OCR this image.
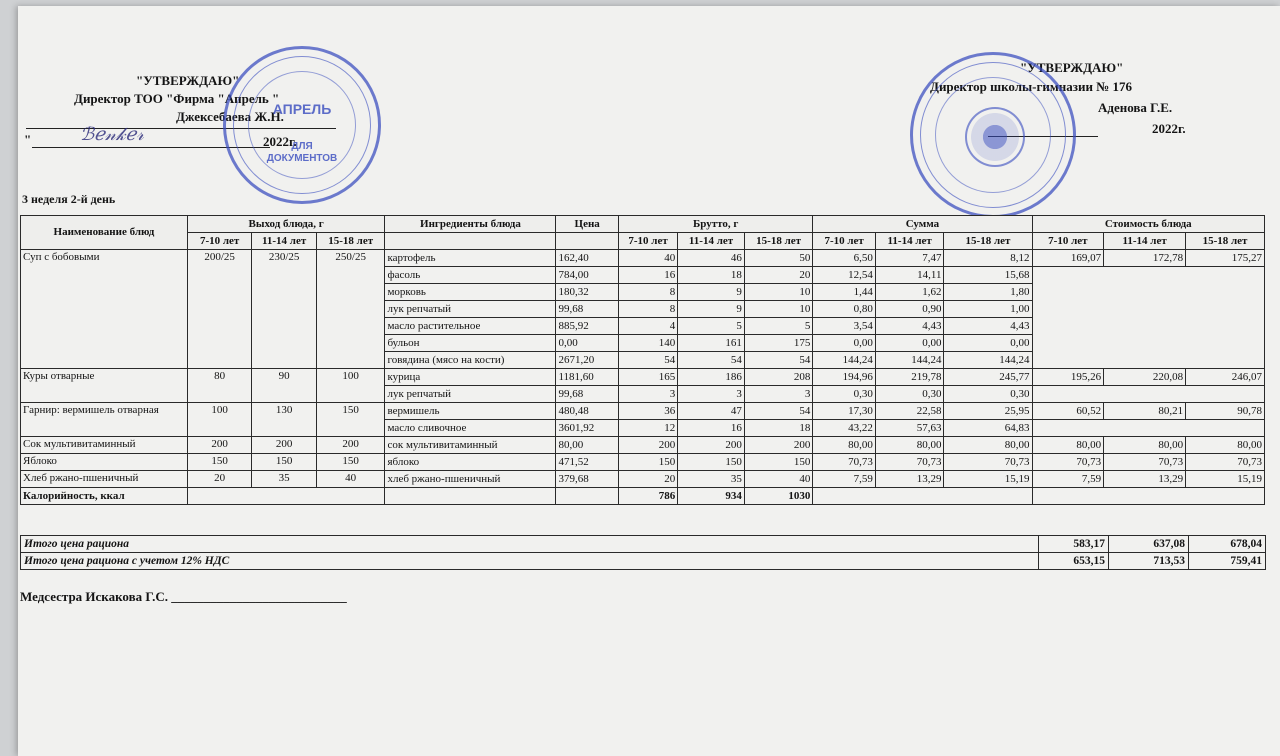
"УТВЕРЖДАЮ"
Директор ТОО "Фирма "Апрель "
Джексебаева Ж.Н.
"	2022г.
ℬℯ𝓃𝓀ℯ𝓇
АПРЕЛЬ
ДЛЯ
ДОКУМЕНТОВ
"УТВЕРЖДАЮ"
Директор школы-гимназии № 176
Аденова Г.Е.
2022г.
3 неделя 2-й день
Наименование блюд	Выход блюда, г			Ингредиенты блюда	Цена	Брутто, г			Сумма			Стоимость блюда		
	7-10 лет	11-14 лет	15-18 лет			7-10 лет	11-14 лет	15-18 лет	7-10 лет	11-14 лет	15-18 лет	7-10 лет	11-14 лет	15-18 лет
Суп с бобовыми	200/25	230/25	250/25	картофель	162,40	40	46	50	6,50	7,47	8,12	169,07	172,78	175,27
				фасоль	784,00	16	18	20	12,54	14,11	15,68			
				морковь	180,32	8	9	10	1,44	1,62	1,80			
				лук репчатый	99,68	8	9	10	0,80	0,90	1,00			
				масло растительное	885,92	4	5	5	3,54	4,43	4,43			
				бульон	0,00	140	161	175	0,00	0,00	0,00			
				говядина (мясо на кости)	2671,20	54	54	54	144,24	144,24	144,24			
Куры отварные	80	90	100	курица	1181,60	165	186	208	194,96	219,78	245,77	195,26	220,08	246,07
				лук репчатый	99,68	3	3	3	0,30	0,30	0,30			
Гарнир: вермишель отварная	100	130	150	вермишель	480,48	36	47	54	17,30	22,58	25,95	60,52	80,21	90,78
				масло сливочное	3601,92	12	16	18	43,22	57,63	64,83			
Сок мультивитаминный	200	200	200	сок мультивитаминный	80,00	200	200	200	80,00	80,00	80,00	80,00	80,00	80,00
Яблоко	150	150	150	яблоко	471,52	150	150	150	70,73	70,73	70,73	70,73	70,73	70,73
Хлеб ржано-пшеничный	20	35	40	хлеб ржано-пшеничный	379,68	20	35	40	7,59	13,29	15,19	7,59	13,29	15,19
Калорийность, ккал						786	934	1030						
Итого цена рациона	583,17	637,08	678,04
Итого цена рациона с учетом 12% НДС	653,15	713,53	759,41
Медсестра Искакова Г.С. ___________________________
